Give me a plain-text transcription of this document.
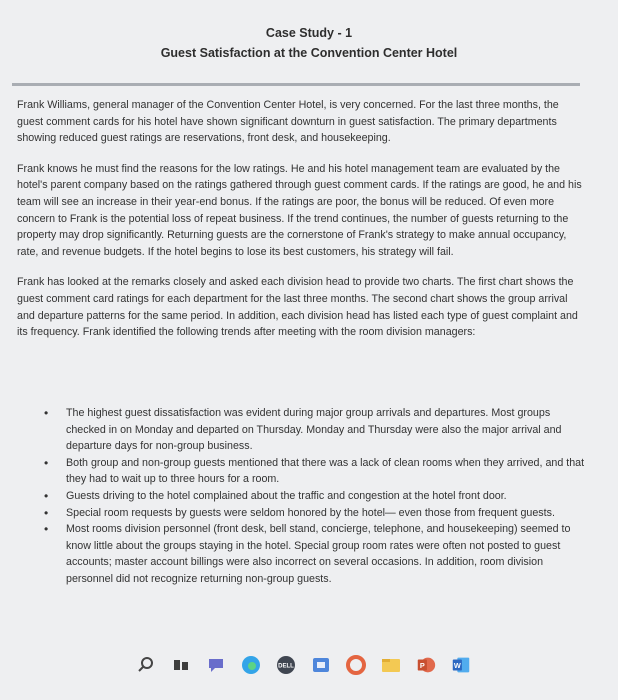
Case Study - 1
Guest Satisfaction at the Convention Center Hotel

Frank Williams, general manager of the Convention Center Hotel, is very concerned. For the last three months, the guest comment cards for his hotel have shown significant downturn in guest satisfaction. The primary departments showing reduced guest ratings are reservations, front desk, and housekeeping.

Frank knows he must find the reasons for the low ratings. He and his hotel management team are evaluated by the hotel's parent company based on the ratings gathered through guest comment cards. If the ratings are good, he and his team will see an increase in their year-end bonus. If the ratings are poor, the bonus will be reduced. Of even more concern to Frank is the potential loss of repeat business. If the trend continues, the number of guests returning to the property may drop significantly. Returning guests are the cornerstone of Frank's strategy to make annual occupancy, rate, and revenue budgets. If the hotel begins to lose its best customers, his strategy will fail.

Frank has looked at the remarks closely and asked each division head to provide two charts. The first chart shows the guest comment card ratings for each department for the last three months. The second chart shows the group arrival and departure patterns for the same period. In addition, each division head has listed each type of guest complaint and its frequency. Frank identified the following trends after meeting with the room division managers:

• The highest guest dissatisfaction was evident during major group arrivals and departures. Most groups checked in on Monday and departed on Thursday. Monday and Thursday were also the major arrival and departure days for non-group business.
• Both group and non-group guests mentioned that there was a lack of clean rooms when they arrived, and that they had to wait up to three hours for a room.
• Guests driving to the hotel complained about the traffic and congestion at the hotel front door.
• Special room requests by guests were seldom honored by the hotel— even those from frequent guests.
• Most rooms division personnel (front desk, bell stand, concierge, telephone, and housekeeping) seemed to know little about the groups staying in the hotel. Special group room rates were often not posted to guest accounts; master account billings were also incorrect on several occasions. In addition, room division personnel did not recognize returning non-group guests.
DELL	P	W
